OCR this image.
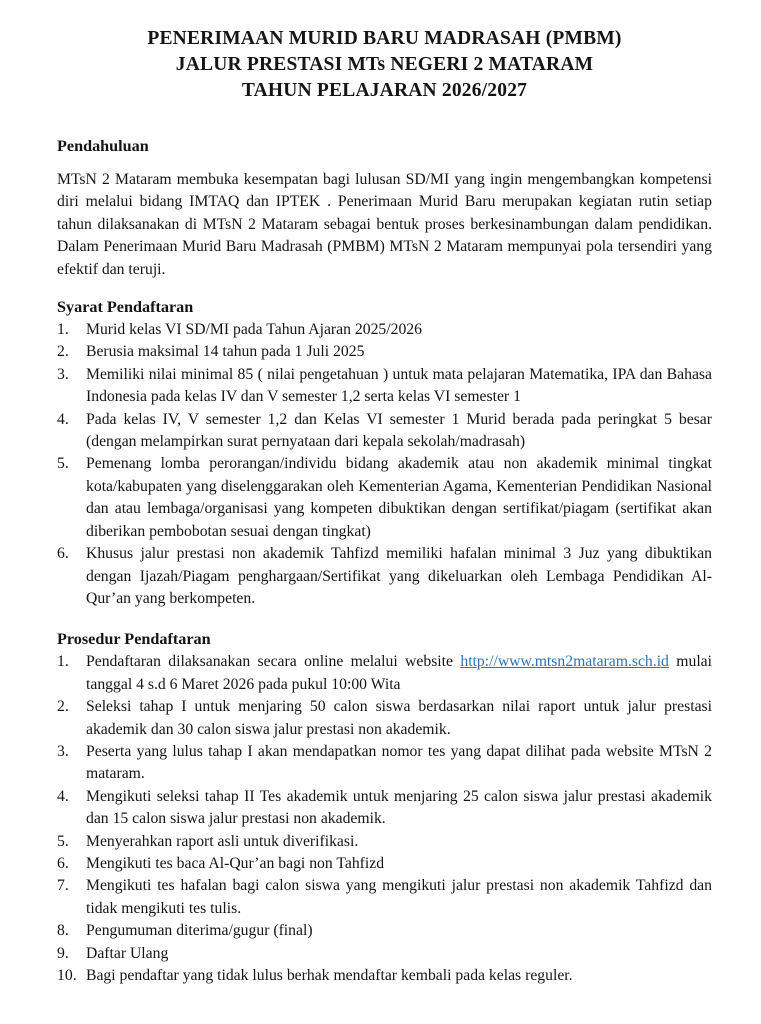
PENERIMAAN MURID BARU MADRASAH (PMBM)
JALUR PRESTASI MTs NEGERI 2 MATARAM
TAHUN PELAJARAN 2026/2027
Pendahuluan

MTsN 2 Mataram membuka kesempatan bagi lulusan SD/MI yang ingin mengembangkan kompetensi diri melalui bidang IMTAQ dan IPTEK . Penerimaan Murid Baru merupakan kegiatan rutin setiap tahun dilaksanakan di MTsN 2 Mataram sebagai bentuk proses berkesinambungan dalam pendidikan. Dalam Penerimaan Murid Baru Madrasah (PMBM) MTsN 2 Mataram mempunyai pola tersendiri yang efektif dan teruji.

Syarat Pendaftaran
1. Murid kelas VI SD/MI pada Tahun Ajaran 2025/2026
2. Berusia maksimal 14 tahun pada 1 Juli 2025
3. Memiliki nilai minimal 85 ( nilai pengetahuan ) untuk mata pelajaran Matematika, IPA dan Bahasa Indonesia pada kelas IV dan V semester 1,2 serta kelas VI semester 1
4. Pada kelas IV, V semester 1,2 dan Kelas VI semester 1 Murid berada pada peringkat 5 besar (dengan melampirkan surat pernyataan dari kepala sekolah/madrasah)
5. Pemenang lomba perorangan/individu bidang akademik atau non akademik minimal tingkat kota/kabupaten yang diselenggarakan oleh Kementerian Agama, Kementerian Pendidikan Nasional dan atau lembaga/organisasi yang kompeten dibuktikan dengan sertifikat/piagam (sertifikat akan diberikan pembobotan sesuai dengan tingkat)
6. Khusus jalur prestasi non akademik Tahfizd memiliki hafalan minimal 3 Juz yang dibuktikan dengan Ijazah/Piagam penghargaan/Sertifikat yang dikeluarkan oleh Lembaga Pendidikan Al-Qur’an yang berkompeten.
Prosedur Pendaftaran
1. Pendaftaran dilaksanakan secara online melalui website http://www.mtsn2mataram.sch.id mulai tanggal 4 s.d 6 Maret 2026 pada pukul 10:00 Wita
2. Seleksi tahap I untuk menjaring 50 calon siswa berdasarkan nilai raport untuk jalur prestasi akademik dan 30 calon siswa jalur prestasi non akademik.
3. Peserta yang lulus tahap I akan mendapatkan nomor tes yang dapat dilihat pada website MTsN 2 mataram.
4. Mengikuti seleksi tahap II Tes akademik untuk menjaring 25 calon siswa jalur prestasi akademik dan 15 calon siswa jalur prestasi non akademik.
5. Menyerahkan raport asli untuk diverifikasi.
6. Mengikuti tes baca Al-Qur’an bagi non Tahfizd
7. Mengikuti tes hafalan bagi calon siswa yang mengikuti jalur prestasi non akademik Tahfizd dan tidak mengikuti tes tulis.
8. Pengumuman diterima/gugur (final)
9. Daftar Ulang
10. Bagi pendaftar yang tidak lulus berhak mendaftar kembali pada kelas reguler.
